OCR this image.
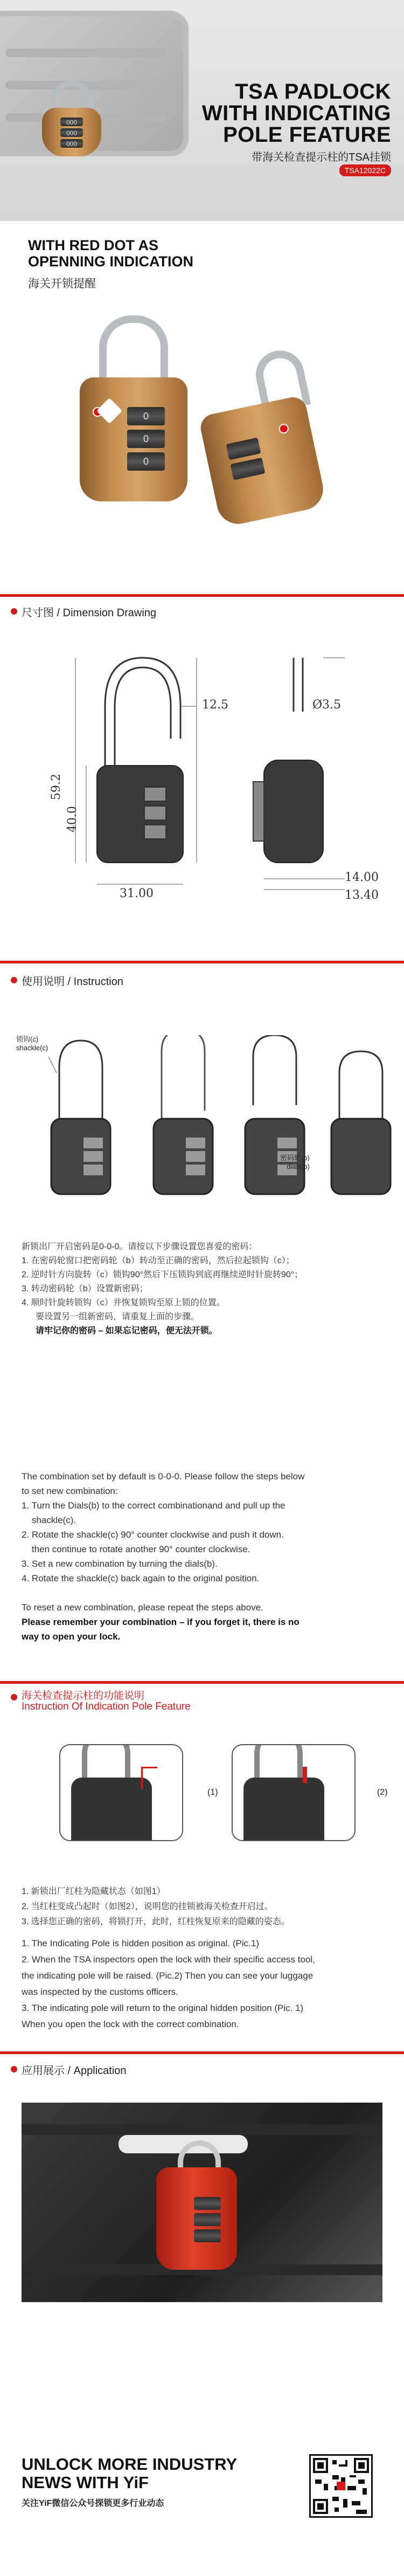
000
000
000
TSA PADLOCK
WITH INDICATING
POLE FEATURE
带海关检查提示柱的TSA挂锁
TSA12022C
WITH RED DOT AS
OPENNING INDICATION
海关开锁提醒
0
0
0
尺寸图 / Dimension Drawing
12.5
59.2
40.0
31.00
Ø3.5
14.00
13.40
使用说明 / Instruction
锁钩(c)
shackle(c)
密码轮(b)
dials(b)
新锁出厂开启密码是0-0-0。请按以下步骤设置您喜爱的密码：
1. 在密码轮窗口把密码轮（b）转动至正确的密码，然后拉起锁钩（c）；
2. 逆时针方向旋转（c）锁钩90°然后下压锁钩到底再继续逆时针旋转90°；
3. 转动密码轮（b）设置新密码；
4. 顺时针旋转锁钩（c）并恢复锁钩至原上锁的位置。
要设置另一组新密码，请重复上面的步骤。
请牢记你的密码 – 如果忘记密码，便无法开锁。
The combination set by default is 0-0-0. Please follow the steps below
to set new combination:
1. Turn the Dials(b) to the correct combinationand and pull up the
shackle(c).
2. Rotate the shackle(c) 90° counter clockwise and push it down.
then continue to rotate another 90° counter clockwise.
3. Set a new combination by turning the dials(b).
4. Rotate the shackle(c) back again to the original position.
To reset a new combination, please repeat the steps above.
Please remember your combination – if you forget it, there is no
way to open your lock.
海关检查提示柱的功能说明
Instruction Of Indication Pole Feature
(1)	(2)
1. 新锁出厂红柱为隐藏状态（如图1）
2. 当红柱变成凸起时（如图2），说明您的挂锁被海关检查开启过。
3. 选择您正确的密码，将锁打开，此时，红柱恢复原来的隐藏的姿态。
1. The Indicating Pole is hidden position as original. (Pic.1)
2. When the TSA inspectors open the lock with their specific access tool,
the indicating pole will be raised. (Pic.2) Then you can see your luggage
was inspected by the customs officers.
3. The indicating pole will return to the original hidden position (Pic. 1)
When you open the lock with the correct combination.
应用展示 / Application
UNLOCK MORE INDUSTRY
NEWS WITH YiF
关注YiF微信公众号探锁更多行业动态
